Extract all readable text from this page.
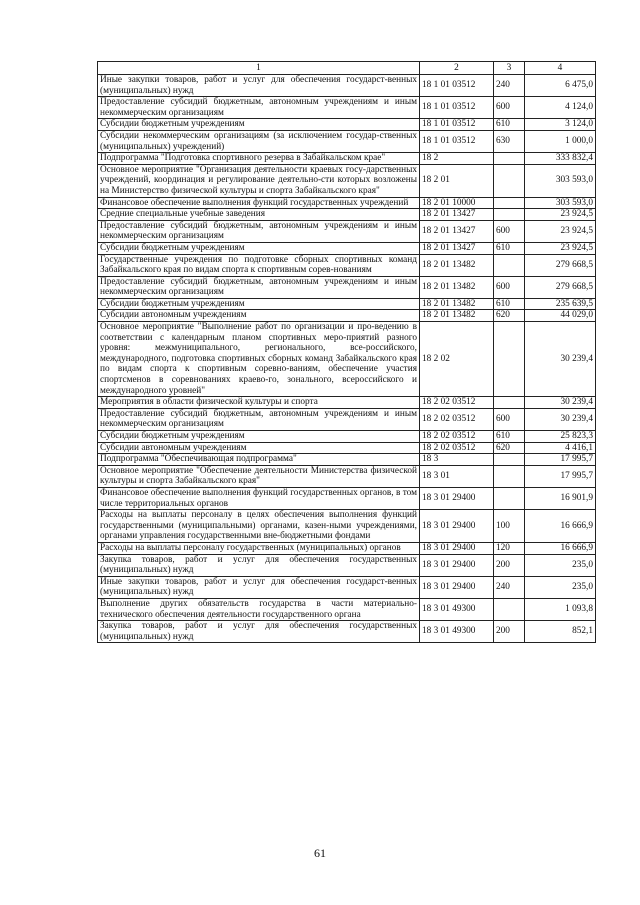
1	2	3	4
Иные закупки товаров, работ и услуг для обеспечения государст-венных (муниципальных) нужд	18 1 01 03512	240	6 475,0
Предоставление субсидий бюджетным, автономным учреждениям и иным некоммерческим организациям	18 1 01 03512	600	4 124,0
Субсидии бюджетным учреждениям	18 1 01 03512	610	3 124,0
Субсидии некоммерческим организациям (за исключением государ-ственных (муниципальных) учреждений)	18 1 01 03512	630	1 000,0
Подпрограмма "Подготовка спортивного резерва в Забайкальском крае"	18 2		333 832,4
Основное мероприятие "Организация деятельности краевых госу-дарственных учреждений, координация и регулирование деятельно-сти которых возложены на Министерство физической культуры и спорта Забайкальского края"	18 2 01		303 593,0
Финансовое обеспечение выполнения функций государственных учреждений	18 2 01 10000		303 593,0
Средние специальные учебные заведения	18 2 01 13427		23 924,5
Предоставление субсидий бюджетным, автономным учреждениям и иным некоммерческим организациям	18 2 01 13427	600	23 924,5
Субсидии бюджетным учреждениям	18 2 01 13427	610	23 924,5
Государственные учреждения по подготовке сборных спортивных команд Забайкальского края по видам спорта к спортивным сорев-нованиям	18 2 01 13482		279 668,5
Предоставление субсидий бюджетным, автономным учреждениям и иным некоммерческим организациям	18 2 01 13482	600	279 668,5
Субсидии бюджетным учреждениям	18 2 01 13482	610	235 639,5
Субсидии автономным учреждениям	18 2 01 13482	620	44 029,0
Основное мероприятие "Выполнение работ по организации и про-ведению в соответствии с календарным планом спортивных меро-приятий разного уровня: межмуниципального, регионального, все-российского, международного, подготовка спортивных сборных команд Забайкальского края по видам спорта к спортивным соревно-ваниям, обеспечение участия спортсменов в соревнованиях краево-го, зонального, всероссийского и международного уровней"	18 2 02		30 239,4
Мероприятия в области физической культуры и спорта	18 2 02 03512		30 239,4
Предоставление субсидий бюджетным, автономным учреждениям и иным некоммерческим организациям	18 2 02 03512	600	30 239,4
Субсидии бюджетным учреждениям	18 2 02 03512	610	25 823,3
Субсидии автономным учреждениям	18 2 02 03512	620	4 416,1
Подпрограмма "Обеспечивающая подпрограмма"	18 3		17 995,7
Основное мероприятие "Обеспечение деятельности Министерства физической культуры и спорта Забайкальского края"	18 3 01		17 995,7
Финансовое обеспечение выполнения функций государственных органов, в том числе территориальных органов	18 3 01 29400		16 901,9
Расходы на выплаты персоналу в целях обеспечения выполнения функций государственными (муниципальными) органами, казен-ными учреждениями, органами управления государственными вне-бюджетными фондами	18 3 01 29400	100	16 666,9
Расходы на выплаты персоналу государственных (муниципальных) органов	18 3 01 29400	120	16 666,9
Закупка товаров, работ и услуг для обеспечения государственных (муниципальных) нужд	18 3 01 29400	200	235,0
Иные закупки товаров, работ и услуг для обеспечения государст-венных (муниципальных) нужд	18 3 01 29400	240	235,0
Выполнение других обязательств государства в части материально-технического обеспечения деятельности государственного органа	18 3 01 49300		1 093,8
Закупка товаров, работ и услуг для обеспечения государственных (муниципальных) нужд	18 3 01 49300	200	852,1
61
